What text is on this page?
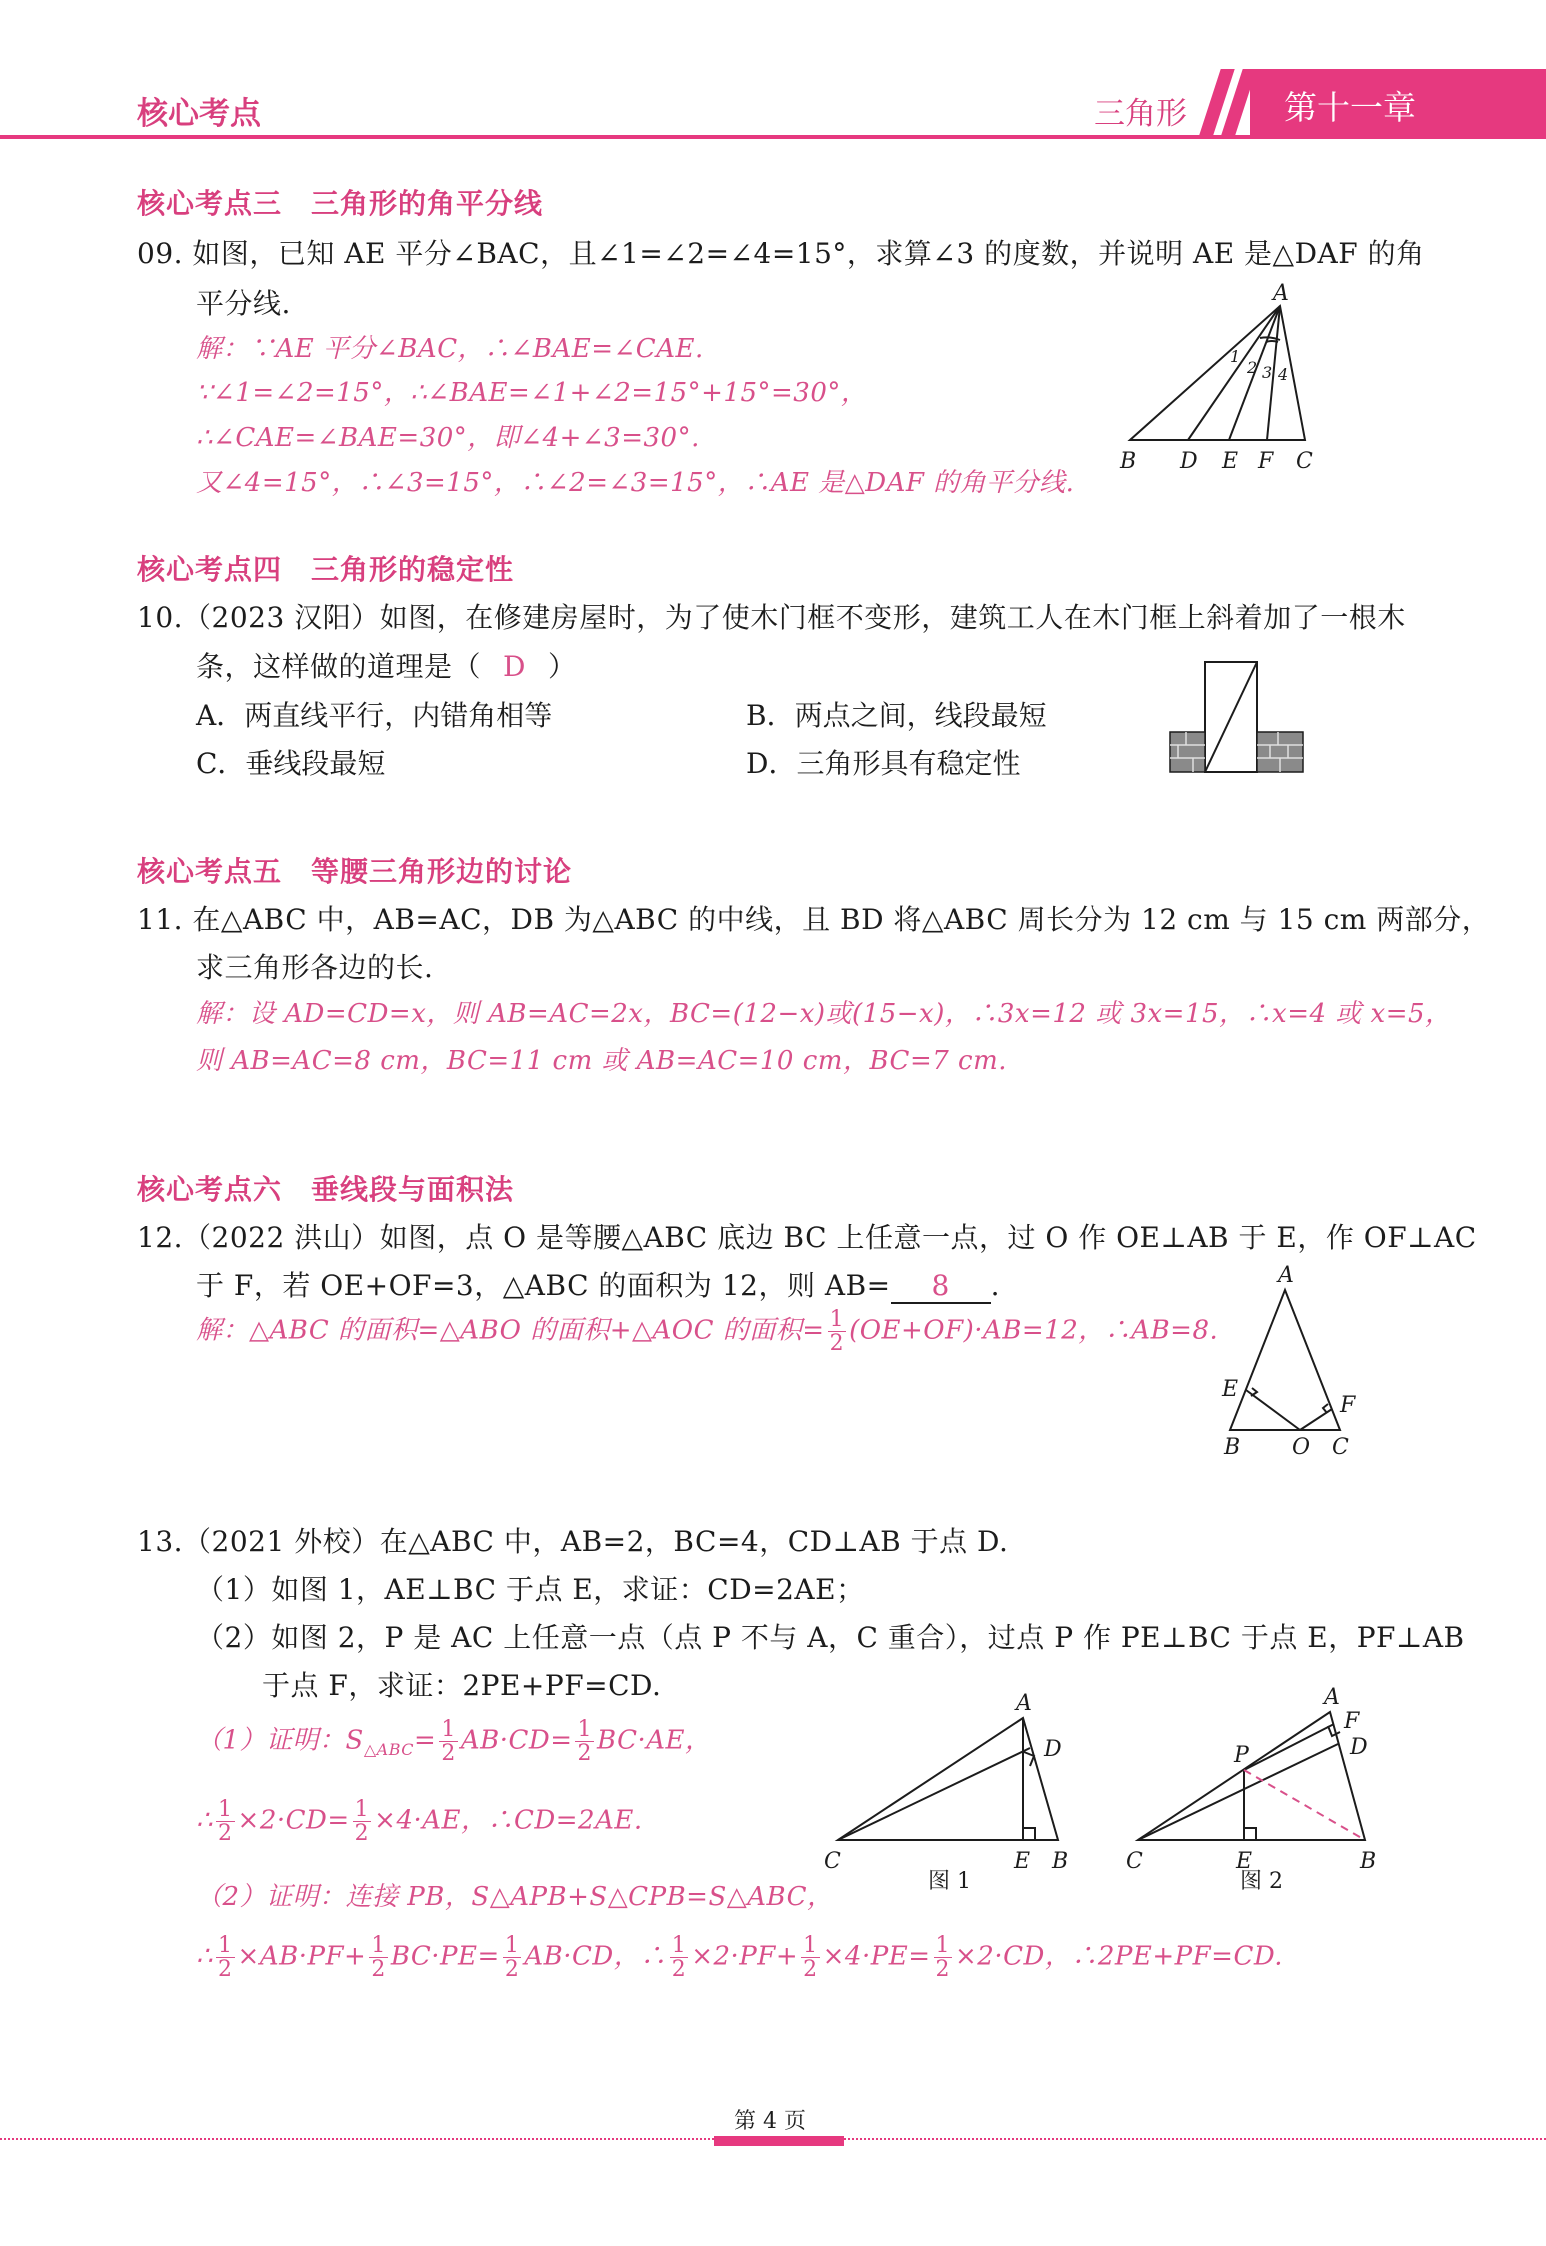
核心考点	三角形	第十一章
核心考点三　三角形的角平分线
09. 如图，已知 AE 平分∠BAC，且∠1=∠2=∠4=15°，求算∠3 的度数，并说明 AE 是△DAF 的角
平分线.
解：∵AE 平分∠BAC，∴∠BAE=∠CAE.
∵∠1=∠2=15°，∴∠BAE=∠1+∠2=15°+15°=30°，
∴∠CAE=∠BAE=30°，即∠4+∠3=30°.
又∠4=15°，∴∠3=15°，∴∠2=∠3=15°，∴AE 是△DAF 的角平分线.
A
B D E F C
1
2 3 4
核心考点四　三角形的稳定性
10.（2023 汉阳）如图，在修建房屋时，为了使木门框不变形，建筑工人在木门框上斜着加了一根木
条，这样做的道理是（ D ）
A．两直线平行，内错角相等	B．两点之间，线段最短
C．垂线段最短	D．三角形具有稳定性
核心考点五　等腰三角形边的讨论
11. 在△ABC 中，AB=AC，DB 为△ABC 的中线，且 BD 将△ABC 周长分为 12 cm 与 15 cm 两部分，
求三角形各边的长.
解：设 AD=CD=x，则 AB=AC=2x，BC=(12−x)或(15−x)，∴3x=12 或 3x=15，∴x=4 或 x=5，
则 AB=AC=8 cm，BC=11 cm 或 AB=AC=10 cm，BC=7 cm.
核心考点六　垂线段与面积法
12.（2022 洪山）如图，点 O 是等腰△ABC 底边 BC 上任意一点，过 O 作 OE⊥AB 于 E，作 OF⊥AC
于 F，若 OE+OF=3，△ABC 的面积为 12，则 AB= 8 .
解：△ABC 的面积=△ABO 的面积+△AOC 的面积= $\frac{1}{2} (OE+OF)\cdot AB=12$，∴AB=8.
A
E
F
B O C
13.（2021 外校）在△ABC 中，AB=2，BC=4，CD⊥AB 于点 D.
（1）如图 1，AE⊥BC 于点 E，求证：CD=2AE；
（2）如图 2，P 是 AC 上任意一点（点 P 不与 A，C 重合），过点 P 作 PE⊥BC 于点 E，PF⊥AB
于点 F，求证：2PE+PF=CD.
（1）证明：$S_{\triangle ABC}= \frac{1}{2} AB\cdot CD= \frac{1}{2} BC\cdot AE$，
∴ $\frac{1}{2} \times 2\cdot CD= \frac{1}{2} \times 4\cdot AE$，∴CD=2AE.
（2）证明：连接 PB，S△APB+S△CPB=S△ABC，
∴ $\frac{1}{2} \times AB\cdot PF+ \frac{1}{2} BC\cdot PE= \frac{1}{2} AB\cdot CD$，∴ $\frac{1}{2} \times 2\cdot PF+ \frac{1}{2} \times 4\cdot PE= \frac{1}{2} \times 2\cdot CD$，∴2PE+PF=CD.
A
D
C	E B
图 1
A
F
P	D
C	E	B
图 2
第 4 页
